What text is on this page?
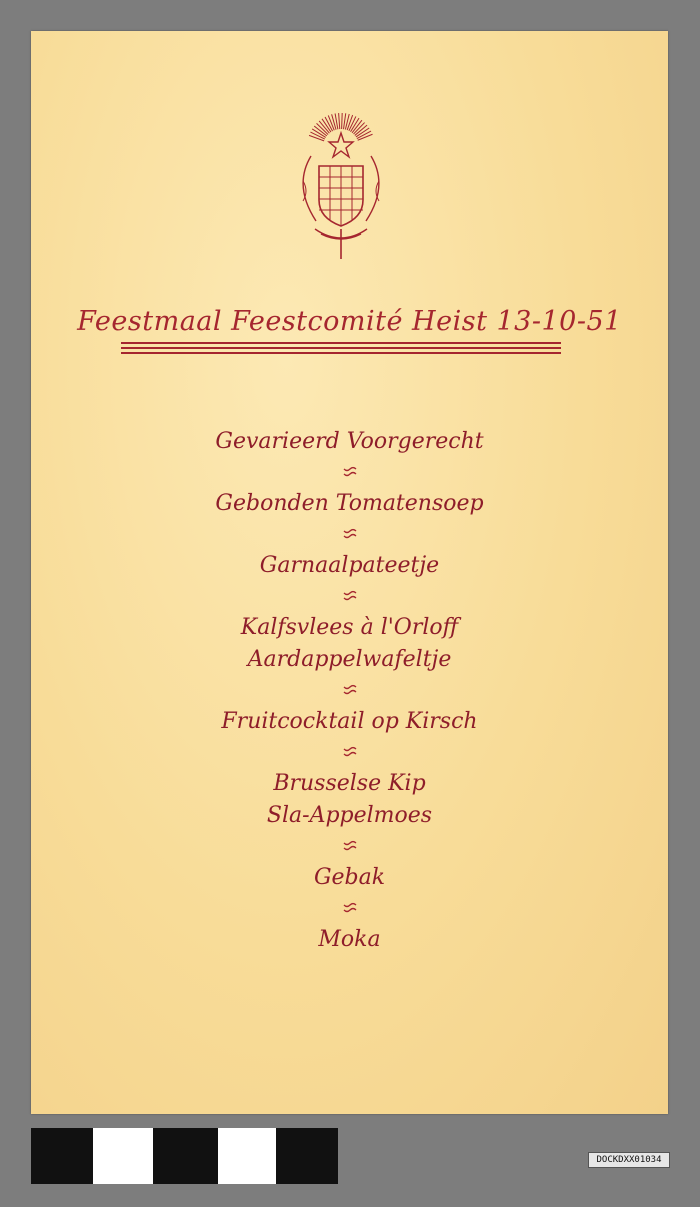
Feestmaal Feestcomité Heist 13-10-51
Gevarieerd Voorgerecht
Gebonden Tomatensoep
Garnaalpateetje
Kalfsvlees à l'Orloff
Aardappelwafeltje
Fruitcocktail op Kirsch
Brusselse Kip
Sla-Appelmoes
Gebak
Moka
DOCKDXX01034
